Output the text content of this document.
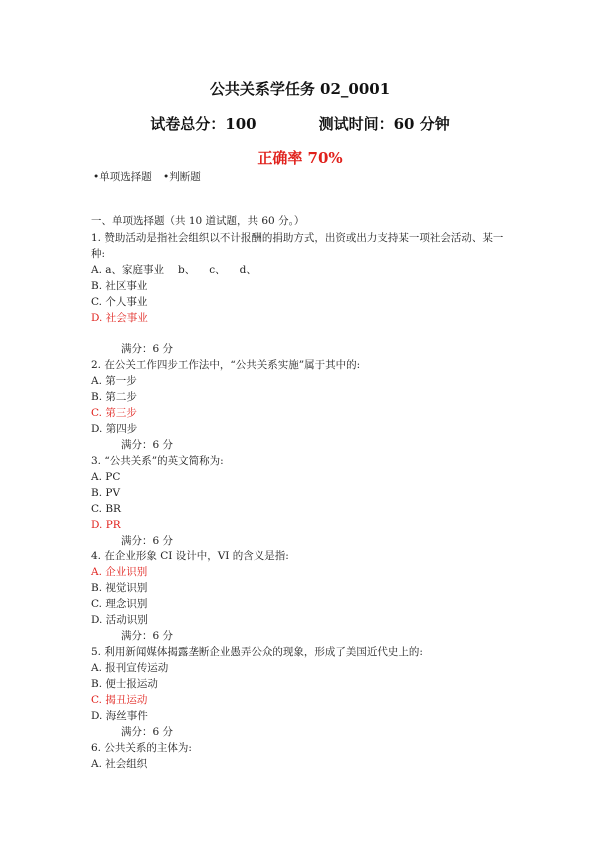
公共关系学任务 02_0001
试卷总分：100	测试时间：60 分钟
正确率 70%
•单项选择题 •判断题
一、单项选择题（共 10 道试题，共 60 分。）
1. 赞助活动是指社会组织以不计报酬的捐助方式，出资或出力支持某一项社会活动、某一
种:
A. a、家庭事业 b、 c、 d、
B. 社区事业
C. 个人事业
D. 社会事业
满分：6 分
2. 在公关工作四步工作法中，“公共关系实施”属于其中的:
A. 第一步
B. 第二步
C. 第三步
D. 第四步
满分：6 分
3. “公共关系”的英文简称为:
A. PC
B. PV
C. BR
D. PR
满分：6 分
4. 在企业形象 CI 设计中，VI 的含义是指:
A. 企业识别
B. 视觉识别
C. 理念识别
D. 活动识别
满分：6 分
5. 利用新闻媒体揭露垄断企业愚弄公众的现象，形成了美国近代史上的:
A. 报刊宣传运动
B. 便士报运动
C. 揭丑运动
D. 海丝事件
满分：6 分
6. 公共关系的主体为:
A. 社会组织
